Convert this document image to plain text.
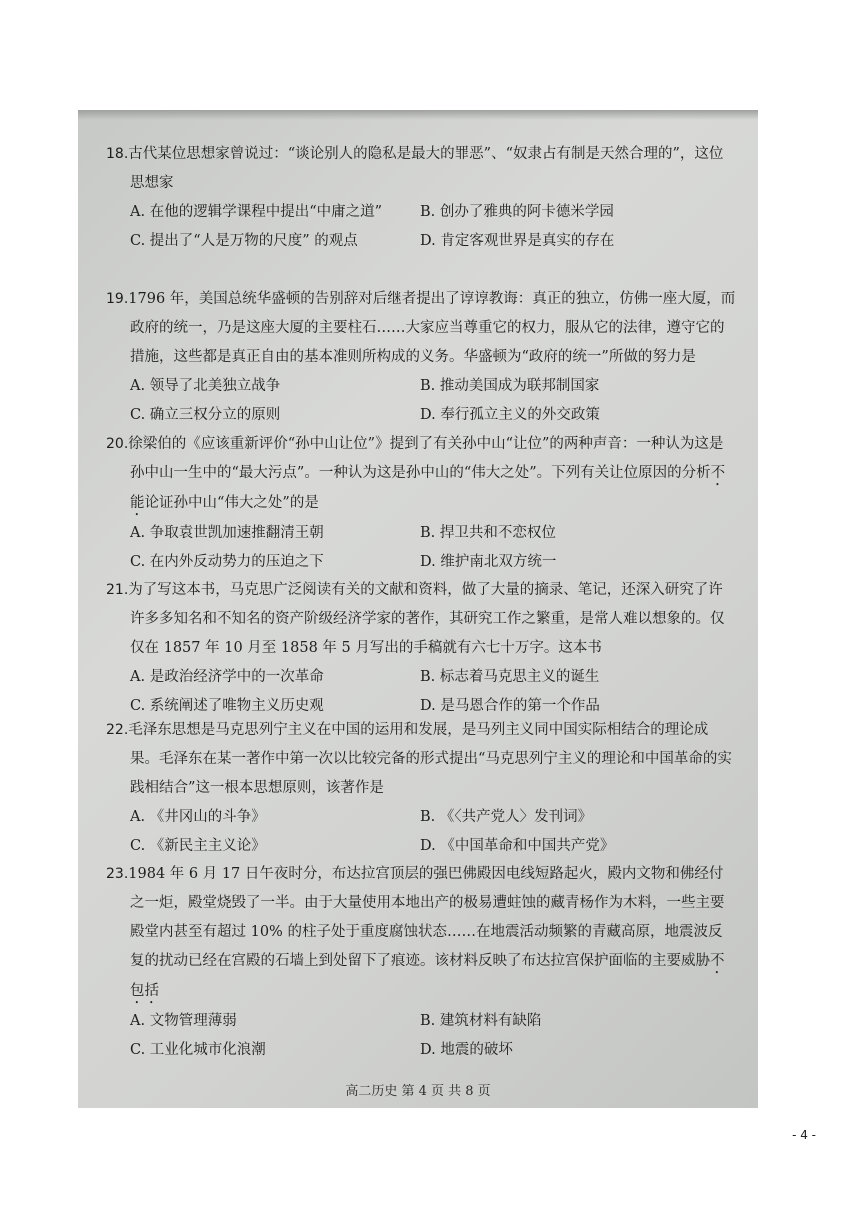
18.古代某位思想家曾说过：“谈论别人的隐私是最大的罪恶”、“奴隶占有制是天然合理的”，这位思想家

A. 在他的逻辑学课程中提出“中庸之道”	B. 创办了雅典的阿卡德米学园
C. 提出了“人是万物的尺度” 的观点	D. 肯定客观世界是真实的存在

19.1796 年，美国总统华盛顿的告别辞对后继者提出了谆谆教诲：真正的独立，仿佛一座大厦，而政府的统一，乃是这座大厦的主要柱石……大家应当尊重它的权力，服从它的法律，遵守它的措施，这些都是真正自由的基本准则所构成的义务。华盛顿为“政府的统一”所做的努力是

A. 领导了北美独立战争	B. 推动美国成为联邦制国家
C. 确立三权分立的原则	D. 奉行孤立主义的外交政策

20.徐梁伯的《应该重新评价“孙中山让位”》提到了有关孙中山“让位”的两种声音：一种认为这是孙中山一生中的“最大污点”。一种认为这是孙中山的“伟大之处”。下列有关让位原因的分析不能论证孙中山“伟大之处”的是

A. 争取袁世凯加速推翻清王朝	B. 捍卫共和不恋权位
C. 在内外反动势力的压迫之下	D. 维护南北双方统一

21.为了写这本书，马克思广泛阅读有关的文献和资料，做了大量的摘录、笔记，还深入研究了许许多多知名和不知名的资产阶级经济学家的著作，其研究工作之繁重，是常人难以想象的。仅仅在 1857 年 10 月至 1858 年 5 月写出的手稿就有六七十万字。这本书

A. 是政治经济学中的一次革命	B. 标志着马克思主义的诞生
C. 系统阐述了唯物主义历史观	D. 是马恩合作的第一个作品

22.毛泽东思想是马克思列宁主义在中国的运用和发展，是马列主义同中国实际相结合的理论成果。毛泽东在某一著作中第一次以比较完备的形式提出“马克思列宁主义的理论和中国革命的实践相结合”这一根本思想原则，该著作是

A. 《井冈山的斗争》	B. 《〈共产党人〉发刊词》
C. 《新民主主义论》	D. 《中国革命和中国共产党》

23.1984 年 6 月 17 日午夜时分，布达拉宫顶层的强巴佛殿因电线短路起火，殿内文物和佛经付之一炬，殿堂烧毁了一半。由于大量使用本地出产的极易遭蛀蚀的藏青杨作为木料，一些主要殿堂内甚至有超过 10% 的柱子处于重度腐蚀状态……在地震活动频繁的青藏高原，地震波反复的扰动已经在宫殿的石墙上到处留下了痕迹。该材料反映了布达拉宫保护面临的主要威胁不包括

A. 文物管理薄弱	B. 建筑材料有缺陷
C. 工业化城市化浪潮	D. 地震的破坏
高二历史 第 4 页 共 8 页
- 4 -
